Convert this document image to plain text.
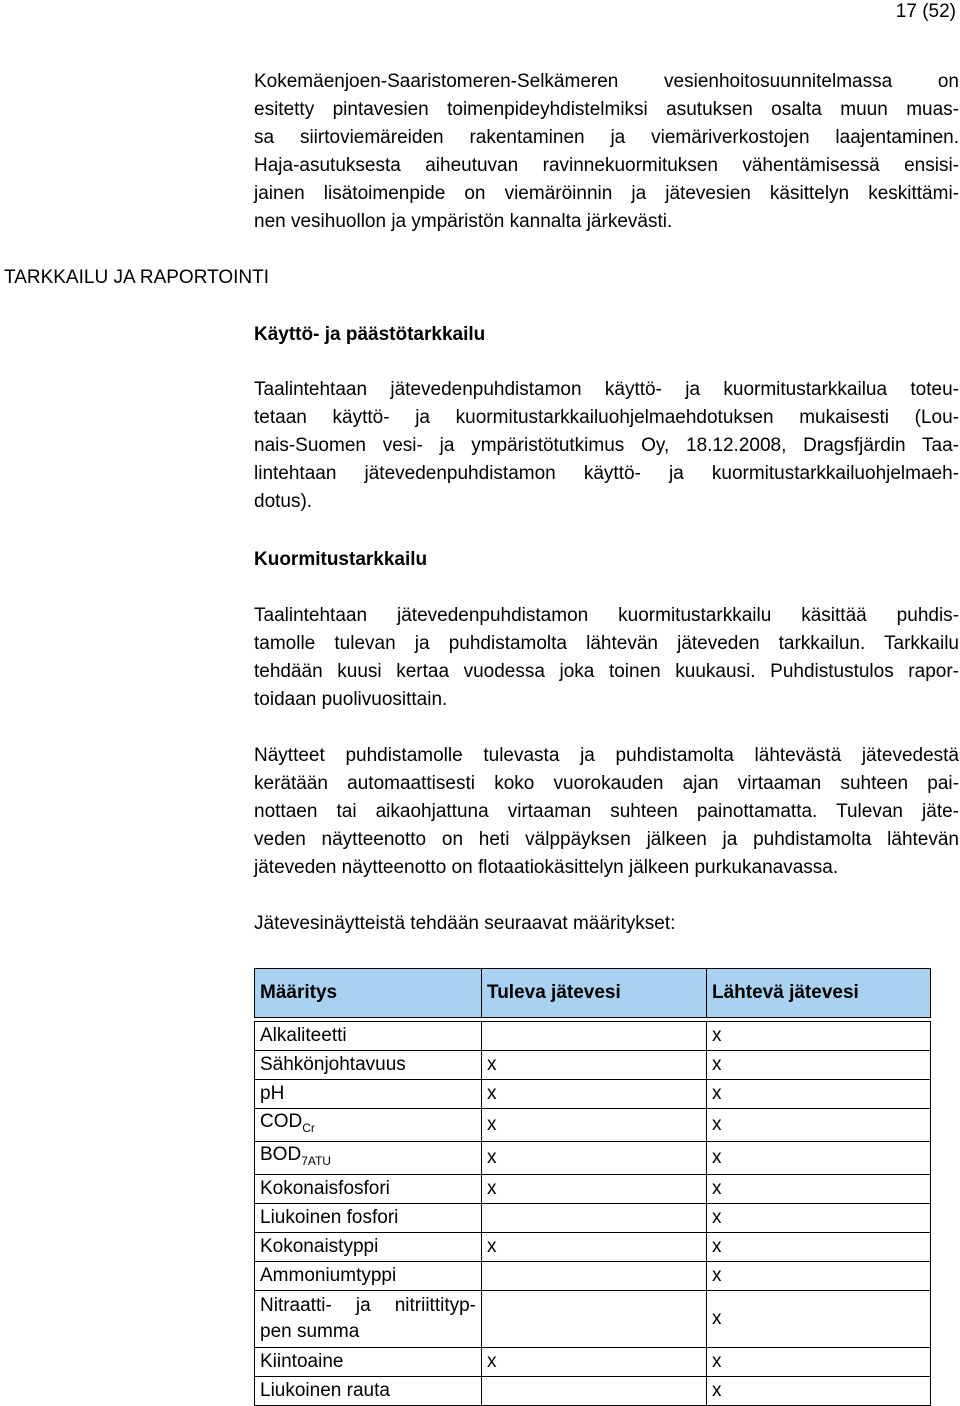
17 (52)
TARKKAILU JA RAPORTOINTI

Kokemäenjoen-Saaristomeren-Selkämeren vesienhoitosuunnitelmassa on
esitetty pintavesien toimenpideyhdistelmiksi asutuksen osalta muun muas-
sa siirtoviemäreiden rakentaminen ja viemäriverkostojen laajentaminen.
Haja-asutuksesta aiheutuvan ravinnekuormituksen vähentämisessä ensisi-
jainen lisätoimenpide on viemäröinnin ja jätevesien käsittelyn keskittämi-
nen vesihuollon ja ympäristön kannalta järkevästi.

Käyttö- ja päästötarkkailu

Taalintehtaan jätevedenpuhdistamon käyttö- ja kuormitustarkkailua toteu-
tetaan käyttö- ja kuormitustarkkailuohjelmaehdotuksen mukaisesti (Lou-
nais-Suomen vesi- ja ympäristötutkimus Oy, 18.12.2008, Dragsfjärdin Taa-
lintehtaan jätevedenpuhdistamon käyttö- ja kuormitustarkkailuohjelmaeh-
dotus).

Kuormitustarkkailu

Taalintehtaan jätevedenpuhdistamon kuormitustarkkailu käsittää puhdis-
tamolle tulevan ja puhdistamolta lähtevän jäteveden tarkkailun. Tarkkailu
tehdään kuusi kertaa vuodessa joka toinen kuukausi. Puhdistustulos rapor-
toidaan puolivuosittain.

Näytteet puhdistamolle tulevasta ja puhdistamolta lähtevästä jätevedestä
kerätään automaattisesti koko vuorokauden ajan virtaaman suhteen pai-
nottaen tai aikaohjattuna virtaaman suhteen painottamatta. Tulevan jäte-
veden näytteenotto on heti välppäyksen jälkeen ja puhdistamolta lähtevän
jäteveden näytteenotto on flotaatiokäsittelyn jälkeen purkukanavassa.

Jätevesinäytteistä tehdään seuraavat määritykset:

Määritys	Tuleva jätevesi	Lähtevä jätevesi

Alkaliteetti		x
Sähkönjohtavuus	x	x
pH	x	x
$COD_{Cr}$	x	x
$BOD_{7ATU}$	x	x
Kokonaisfosfori	x	x
Liukoinen fosfori		x
Kokonaistyppi	x	x
Ammoniumtyppi		x

Nitraatti- ja nitriittityp-
pen summa		x
Kiintoaine	x	x
Liukoinen rauta		x
